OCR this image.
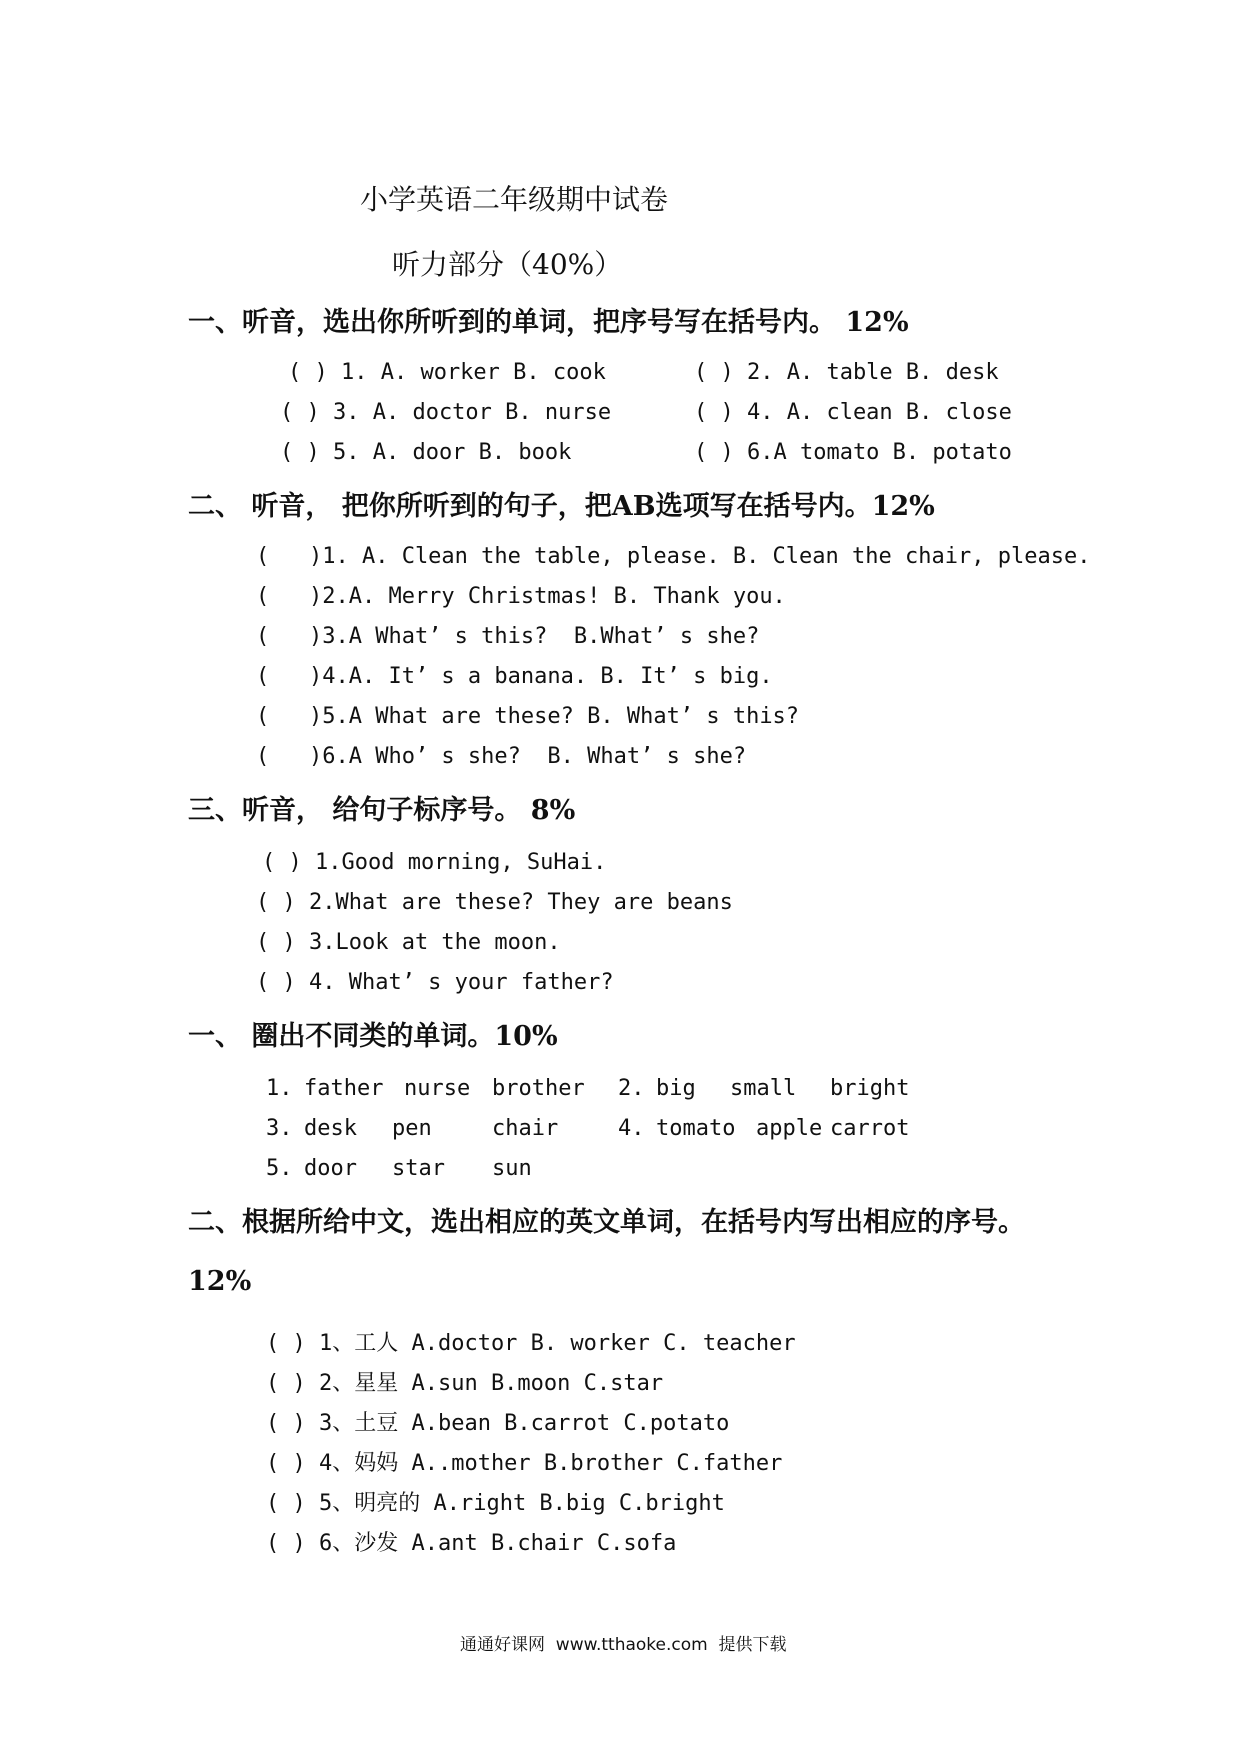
小学英语二年级期中试卷
听力部分（40%）
一、听音，选出你所听到的单词，把序号写在括号内。 12%
( ) 1. A. worker B. cook	( ) 2. A. table B. desk
( ) 3. A. doctor B. nurse	( ) 4. A. clean B. close
( ) 5. A. door B. book	( ) 6.A tomato B. potato
二、 听音， 把你所听到的句子，把AB选项写在括号内。12%
(   )1. A. Clean the table, please. B. Clean the chair, please.
(   )2.A. Merry Christmas! B. Thank you.
(   )3.A What’ s this?  B.What’ s she?
(   )4.A. It’ s a banana. B. It’ s big.
(   )5.A What are these? B. What’ s this?
(   )6.A Who’ s she?  B. What’ s she?
三、听音， 给句子标序号。 8%
( ) 1.Good morning, SuHai.
( ) 2.What are these? They are beans
( ) 3.Look at the moon.
( ) 4. What’ s your father?
一、 圈出不同类的单词。10%
1. father nurse brother 2. big small bright
3. desk pen	chair	4. tomato apple carrot
5. door star sun
二、根据所给中文，选出相应的英文单词，在括号内写出相应的序号。
12%
( ) 1、工人 A.doctor B. worker C. teacher
( ) 2、星星 A.sun B.moon C.star
( ) 3、土豆 A.bean B.carrot C.potato
( ) 4、妈妈 A..mother B.brother C.father
( ) 5、明亮的 A.right B.big C.bright
( ) 6、沙发 A.ant B.chair C.sofa
通通好课网  www.tthaoke.com  提供下载
